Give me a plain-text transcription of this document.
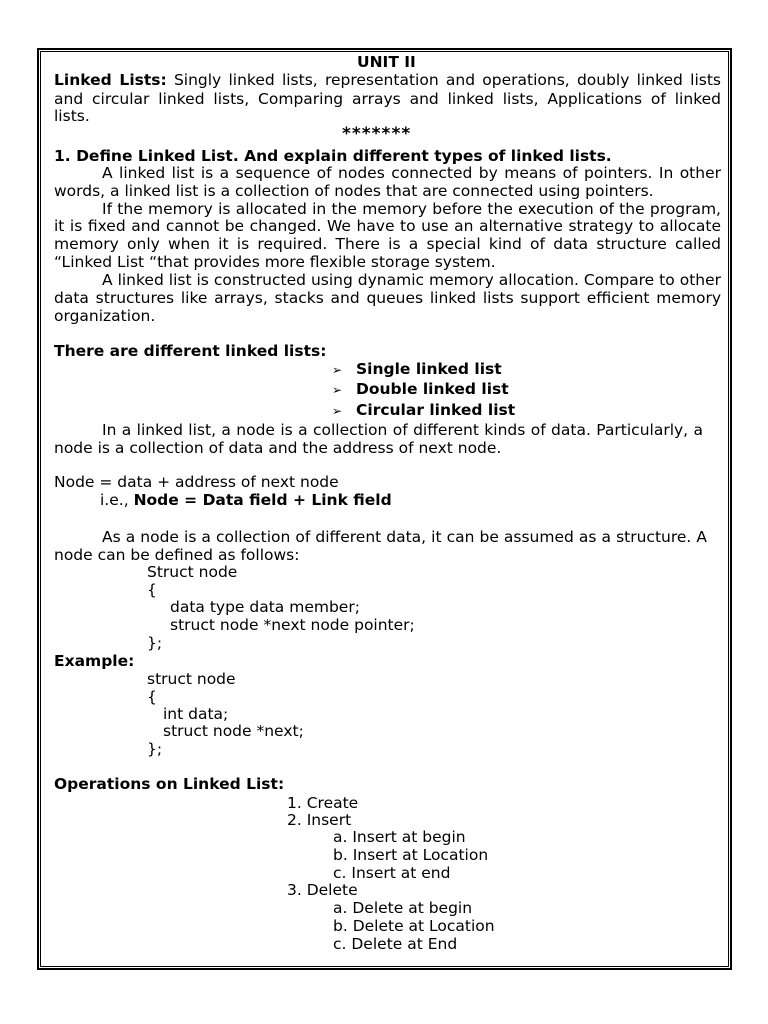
UNIT II
Linked Lists: Singly linked lists, representation and operations, doubly linked lists
and circular linked lists, Comparing arrays and linked lists, Applications of linked
lists.
*******
1. Define Linked List. And explain different types of linked lists.
A linked list is a sequence of nodes connected by means of pointers. In other
words, a linked list is a collection of nodes that are connected using pointers.
If the memory is allocated in the memory before the execution of the program,
it is fixed and cannot be changed. We have to use an alternative strategy to allocate
memory only when it is required. There is a special kind of data structure called
“Linked List “that provides more flexible storage system.
A linked list is constructed using dynamic memory allocation. Compare to other
data structures like arrays, stacks and queues linked lists support efficient memory
organization.
There are different linked lists:
➢ Single linked list
➢ Double linked list
➢ Circular linked list
In a linked list, a node is a collection of different kinds of data. Particularly, a
node is a collection of data and the address of next node.
Node = data + address of next node
i.e., Node = Data field + Link field
As a node is a collection of different data, it can be assumed as a structure. A
node can be defined as follows:
Struct node
{
data type data member;
struct node *next node pointer;
};
Example:
struct node
{
int data;
struct node *next;
};
Operations on Linked List:
1. Create
2. Insert
a. Insert at begin
b. Insert at Location
c. Insert at end
3. Delete
a. Delete at begin
b. Delete at Location
c. Delete at End
